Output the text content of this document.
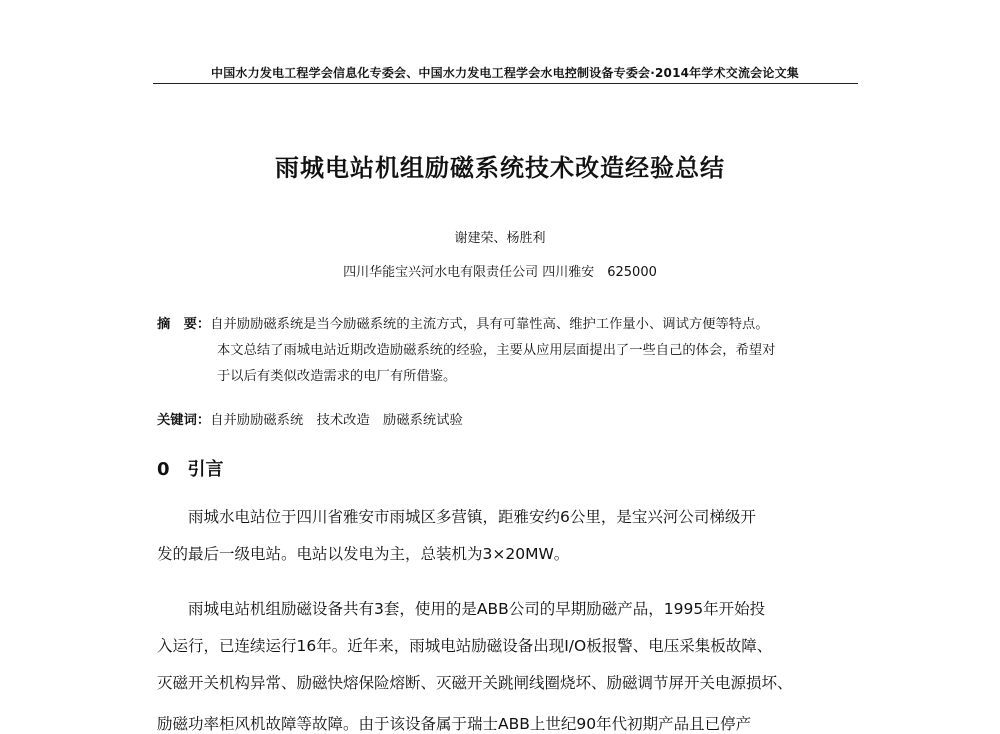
中国水力发电工程学会信息化专委会、中国水力发电工程学会水电控制设备专委会·2014年学术交流会论文集
雨城电站机组励磁系统技术改造经验总结
谢建荣、杨胜利
四川华能宝兴河水电有限责任公司 四川雅安　625000
摘　要：自并励励磁系统是当今励磁系统的主流方式，具有可靠性高、维护工作量小、调试方便等特点。
本文总结了雨城电站近期改造励磁系统的经验，主要从应用层面提出了一些自己的体会，希望对
于以后有类似改造需求的电厂有所借鉴。
关键词：自并励励磁系统　技术改造　励磁系统试验
0　 引言
　　雨城水电站位于四川省雅安市雨城区多营镇，距雅安约6公里，是宝兴河公司梯级开
发的最后一级电站。电站以发电为主，总装机为3×20MW。
　　雨城电站机组励磁设备共有3套，使用的是ABB公司的早期励磁产品，1995年开始投
入运行，已连续运行16年。近年来，雨城电站励磁设备出现I/O板报警、电压采集板故障、
灭磁开关机构异常、励磁快熔保险熔断、灭磁开关跳闸线圈烧坏、励磁调节屏开关电源损坏、
励磁功率柜风机故障等故障。由于该设备属于瑞士ABB上世纪90年代初期产品且已停产
